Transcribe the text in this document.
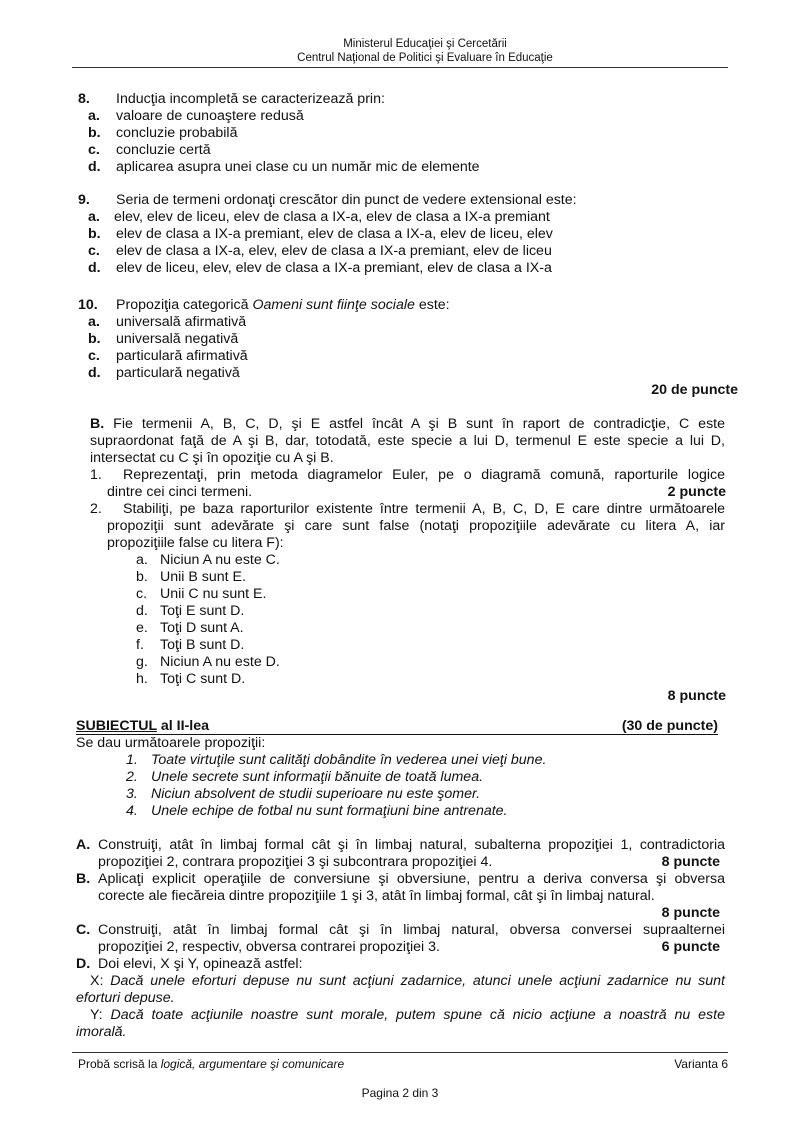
Ministerul Educaţiei şi Cercetării
Centrul Naţional de Politici şi Evaluare în Educaţie
8. Inducţia incompletă se caracterizează prin:
a. valoare de cunoaştere redusă
b. concluzie probabilă
c. concluzie certă
d. aplicarea asupra unei clase cu un număr mic de elemente
9. Seria de termeni ordonaţi crescător din punct de vedere extensional este:
a. elev, elev de liceu, elev de clasa a IX-a, elev de clasa a IX-a premiant
b. elev de clasa a IX-a premiant, elev de clasa a IX-a, elev de liceu, elev
c. elev de clasa a IX-a, elev, elev de clasa a IX-a premiant, elev de liceu
d. elev de liceu, elev, elev de clasa a IX-a premiant, elev de clasa a IX-a
10. Propoziţia categorică Oameni sunt fiinţe sociale este:
a. universală afirmativă
b. universală negativă
c. particulară afirmativă
d. particulară negativă
20 de puncte
B. Fie termenii A, B, C, D, şi E astfel încât A şi B sunt în raport de contradicţie, C este
supraordonat faţă de A şi B, dar, totodată, este specie a lui D, termenul E este specie a lui D,
intersectat cu C şi în opoziţie cu A şi B.
1. Reprezentaţi, prin metoda diagramelor Euler, pe o diagramă comună, raporturile logice
dintre cei cinci termeni.	2 puncte
2. Stabiliţi, pe baza raporturilor existente între termenii A, B, C, D, E care dintre următoarele
propoziţii sunt adevărate şi care sunt false (notaţi propoziţiile adevărate cu litera A, iar
propoziţiile false cu litera F):
a. Niciun A nu este C.
b. Unii B sunt E.
c. Unii C nu sunt E.
d. Toţi E sunt D.
e. Toţi D sunt A.
f. Toţi B sunt D.
g. Niciun A nu este D.
h. Toţi C sunt D.
8 puncte
SUBIECTUL al II-lea	(30 de puncte)
Se dau următoarele propoziţii:
1. Toate virtuţile sunt calităţi dobândite în vederea unei vieţi bune.
2. Unele secrete sunt informaţii bănuite de toată lumea.
3. Niciun absolvent de studii superioare nu este şomer.
4. Unele echipe de fotbal nu sunt formaţiuni bine antrenate.
A. Construiţi, atât în limbaj formal cât şi în limbaj natural, subalterna propoziţiei 1, contradictoria
propoziţiei 2, contrara propoziţiei 3 şi subcontrara propoziţiei 4.	8 puncte
B. Aplicaţi explicit operaţiile de conversiune şi obversiune, pentru a deriva conversa şi obversa
corecte ale fiecăreia dintre propoziţiile 1 şi 3, atât în limbaj formal, cât şi în limbaj natural.
8 puncte
C. Construiţi, atât în limbaj formal cât şi în limbaj natural, obversa conversei supraalternei
propoziţiei 2, respectiv, obversa contrarei propoziţiei 3.	6 puncte
D. Doi elevi, X şi Y, opinează astfel:
X: Dacă unele eforturi depuse nu sunt acţiuni zadarnice, atunci unele acţiuni zadarnice nu sunt
eforturi depuse.
Y: Dacă toate acţiunile noastre sunt morale, putem spune că nicio acţiune a noastră nu este
imorală.
Probă scrisă la logică, argumentare şi comunicare	Varianta 6
Pagina 2 din 3
